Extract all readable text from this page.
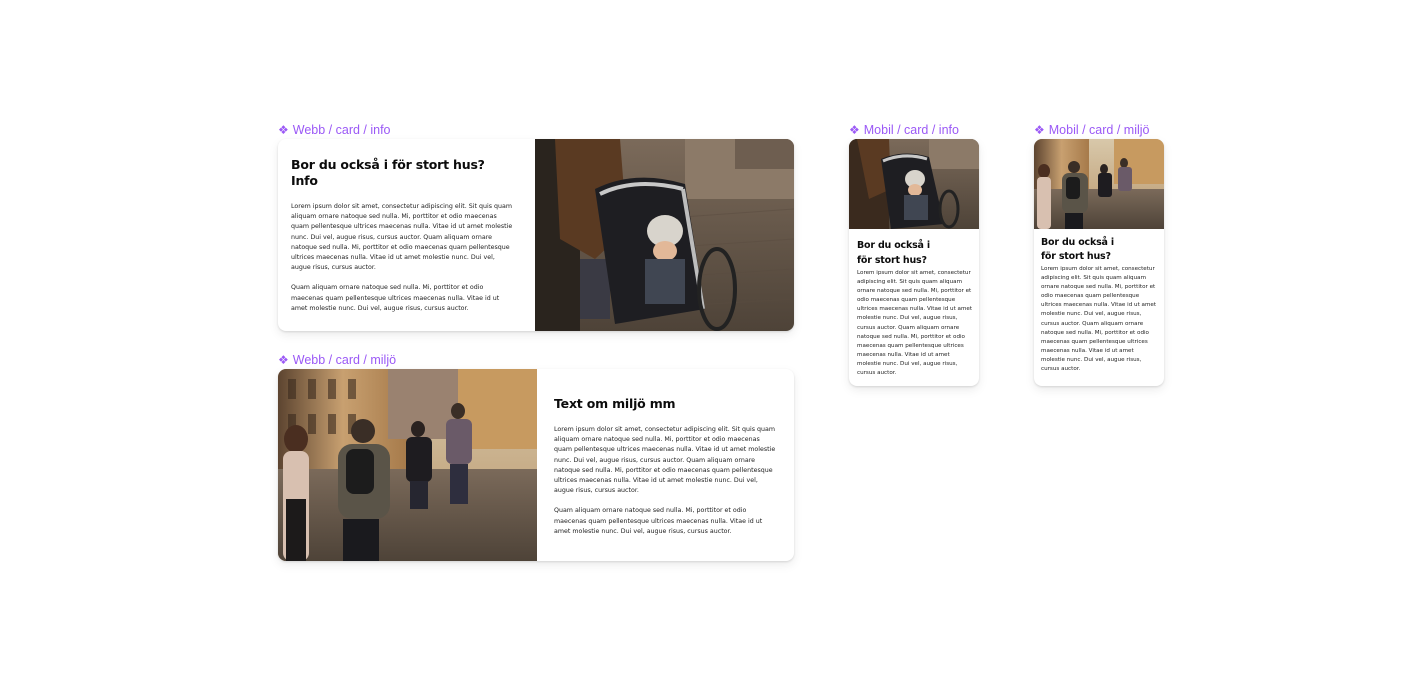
❖ Webb / card / info
Bor du också i för stort hus? Info

Lorem ipsum dolor sit amet, consectetur adipiscing elit. Sit quis quam aliquam ornare natoque sed nulla. Mi, porttitor et odio maecenas quam pellentesque ultrices maecenas nulla. Vitae id ut amet molestie nunc. Dui vel, augue risus, cursus auctor. Quam aliquam ornare natoque sed nulla. Mi, porttitor et odio maecenas quam pellentesque ultrices maecenas nulla. Vitae id ut amet molestie nunc. Dui vel, augue risus, cursus auctor.

Quam aliquam ornare natoque sed nulla. Mi, porttitor et odio maecenas quam pellentesque ultrices maecenas nulla. Vitae id ut amet molestie nunc. Dui vel, augue risus, cursus auctor.

❖ Webb / card / miljö
Text om miljö mm

Lorem ipsum dolor sit amet, consectetur adipiscing elit. Sit quis quam aliquam ornare natoque sed nulla. Mi, porttitor et odio maecenas quam pellentesque ultrices maecenas nulla. Vitae id ut amet molestie nunc. Dui vel, augue risus, cursus auctor. Quam aliquam ornare natoque sed nulla. Mi, porttitor et odio maecenas quam pellentesque ultrices maecenas nulla. Vitae id ut amet molestie nunc. Dui vel, augue risus, cursus auctor.

Quam aliquam ornare natoque sed nulla. Mi, porttitor et odio maecenas quam pellentesque ultrices maecenas nulla. Vitae id ut amet molestie nunc. Dui vel, augue risus, cursus auctor.

❖ Mobil / card / info
Bor du också i för stort hus?

Lorem ipsum dolor sit amet, consectetur adipiscing elit. Sit quis quam aliquam ornare natoque sed nulla. Mi, porttitor et odio maecenas quam pellentesque ultrices maecenas nulla. Vitae id ut amet molestie nunc. Dui vel, augue risus, cursus auctor. Quam aliquam ornare natoque sed nulla. Mi, porttitor et odio maecenas quam pellentesque ultrices maecenas nulla. Vitae id ut amet molestie nunc. Dui vel, augue risus, cursus auctor.

❖ Mobil / card / miljö
Bor du också i för stort hus?

Lorem ipsum dolor sit amet, consectetur adipiscing elit. Sit quis quam aliquam ornare natoque sed nulla. Mi, porttitor et odio maecenas quam pellentesque ultrices maecenas nulla. Vitae id ut amet molestie nunc. Dui vel, augue risus, cursus auctor. Quam aliquam ornare natoque sed nulla. Mi, porttitor et odio maecenas quam pellentesque ultrices maecenas nulla. Vitae id ut amet molestie nunc. Dui vel, augue risus, cursus auctor.
